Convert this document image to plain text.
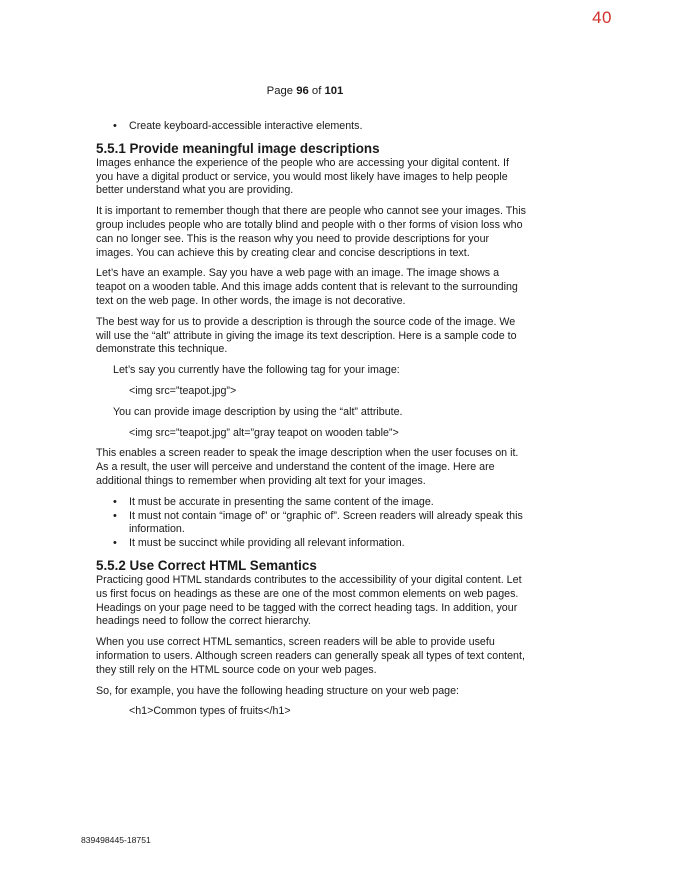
40
Page 96 of 101
• Create keyboard-accessible interactive elements.
5.5.1 Provide meaningful image descriptions

Images enhance the experience of the people who are accessing your digital content. If you have a digital product or service, you would most likely have images to help people better understand what you are providing.

It is important to remember though that there are people who cannot see your images. This group includes people who are totally blind and people with o ther forms of vision loss who can no longer see. This is the reason why you need to provide descriptions for your images. You can achieve this by creating clear and concise descriptions in text.

Let’s have an example. Say you have a web page with an image. The image shows a teapot on a wooden table. And this image adds content that is relevant to the surrounding text on the web page. In other words, the image is not decorative.

The best way for us to provide a description is through the source code of the image. We will use the “alt” attribute in giving the image its text description. Here is a sample code to demonstrate this technique.

Let’s say you currently have the following tag for your image:

<img src=”teapot.jpg”>

You can provide image description by using the “alt” attribute.

<img src=”teapot.jpg” alt=”gray teapot on wooden table”>

This enables a screen reader to speak the image description when the user focuses on it. As a result, the user will perceive and understand the content of the image. Here are additional things to remember when providing alt text for your images.

• It must be accurate in presenting the same content of the image.
• It must not contain “image of” or “graphic of”. Screen readers will already speak this information.
• It must be succinct while providing all relevant information.
5.5.2 Use Correct HTML Semantics

Practicing good HTML standards contributes to the accessibility of your digital content. Let us first focus on headings as these are one of the most common elements on web pages. Headings on your page need to be tagged with the correct heading tags. In addition, your headings need to follow the correct hierarchy.

When you use correct HTML semantics, screen readers will be able to provide usefu information to users. Although screen readers can generally speak all types of text content, they still rely on the HTML source code on your web pages.

So, for example, you have the following heading structure on your web page:

<h1>Common types of fruits</h1>

839498445-18751
